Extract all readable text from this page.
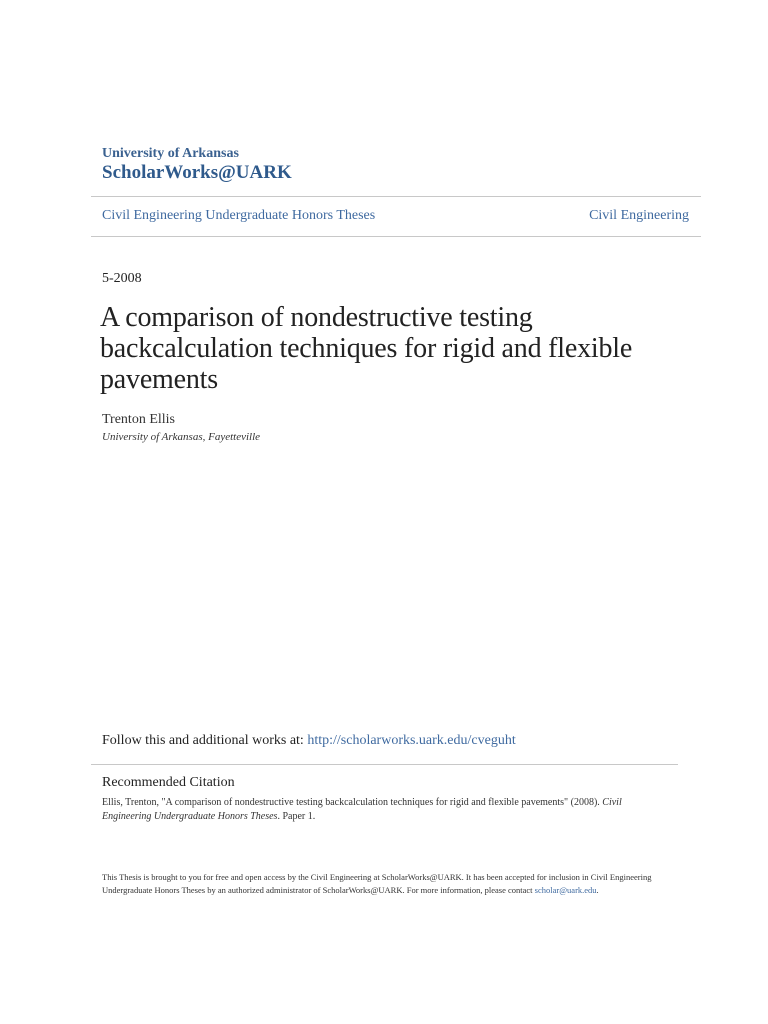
University of Arkansas
ScholarWorks@UARK
Civil Engineering Undergraduate Honors Theses	Civil Engineering
5-2008
A comparison of nondestructive testing backcalculation techniques for rigid and flexible pavements
Trenton Ellis
University of Arkansas, Fayetteville
Follow this and additional works at: http://scholarworks.uark.edu/cveguht
Recommended Citation
Ellis, Trenton, "A comparison of nondestructive testing backcalculation techniques for rigid and flexible pavements" (2008). Civil Engineering Undergraduate Honors Theses. Paper 1.
This Thesis is brought to you for free and open access by the Civil Engineering at ScholarWorks@UARK. It has been accepted for inclusion in Civil Engineering Undergraduate Honors Theses by an authorized administrator of ScholarWorks@UARK. For more information, please contact scholar@uark.edu.
